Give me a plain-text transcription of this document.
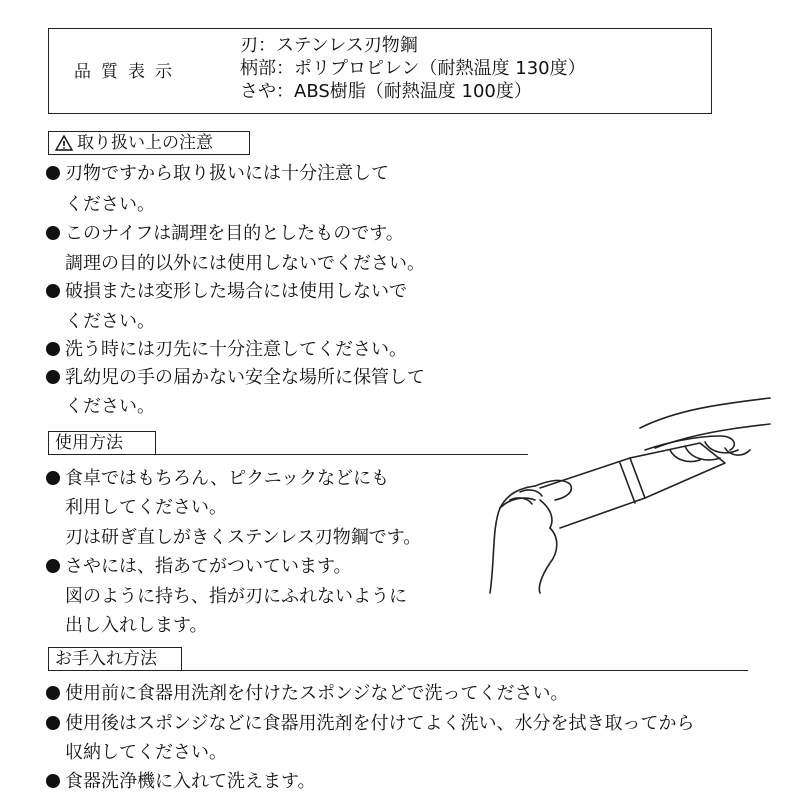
品質表示
刃：ステンレス刃物鋼
柄部：ポリプロピレン（耐熱温度 130度）
さや：ABS樹脂（耐熱温度 100度）
取り扱い上の注意
刃物ですから取り扱いには十分注意して
ください。
このナイフは調理を目的としたものです。
調理の目的以外には使用しないでください。
破損または変形した場合には使用しないで
ください。
洗う時には刃先に十分注意してください。
乳幼児の手の届かない安全な場所に保管して
ください。
使用方法
食卓ではもちろん、ピクニックなどにも
利用してください。
刃は研ぎ直しがきくステンレス刃物鋼です。
さやには、指あてがついています。
図のように持ち、指が刃にふれないように
出し入れします。
お手入れ方法
使用前に食器用洗剤を付けたスポンジなどで洗ってください。
使用後はスポンジなどに食器用洗剤を付けてよく洗い、水分を拭き取ってから
収納してください。
食器洗浄機に入れて洗えます。
